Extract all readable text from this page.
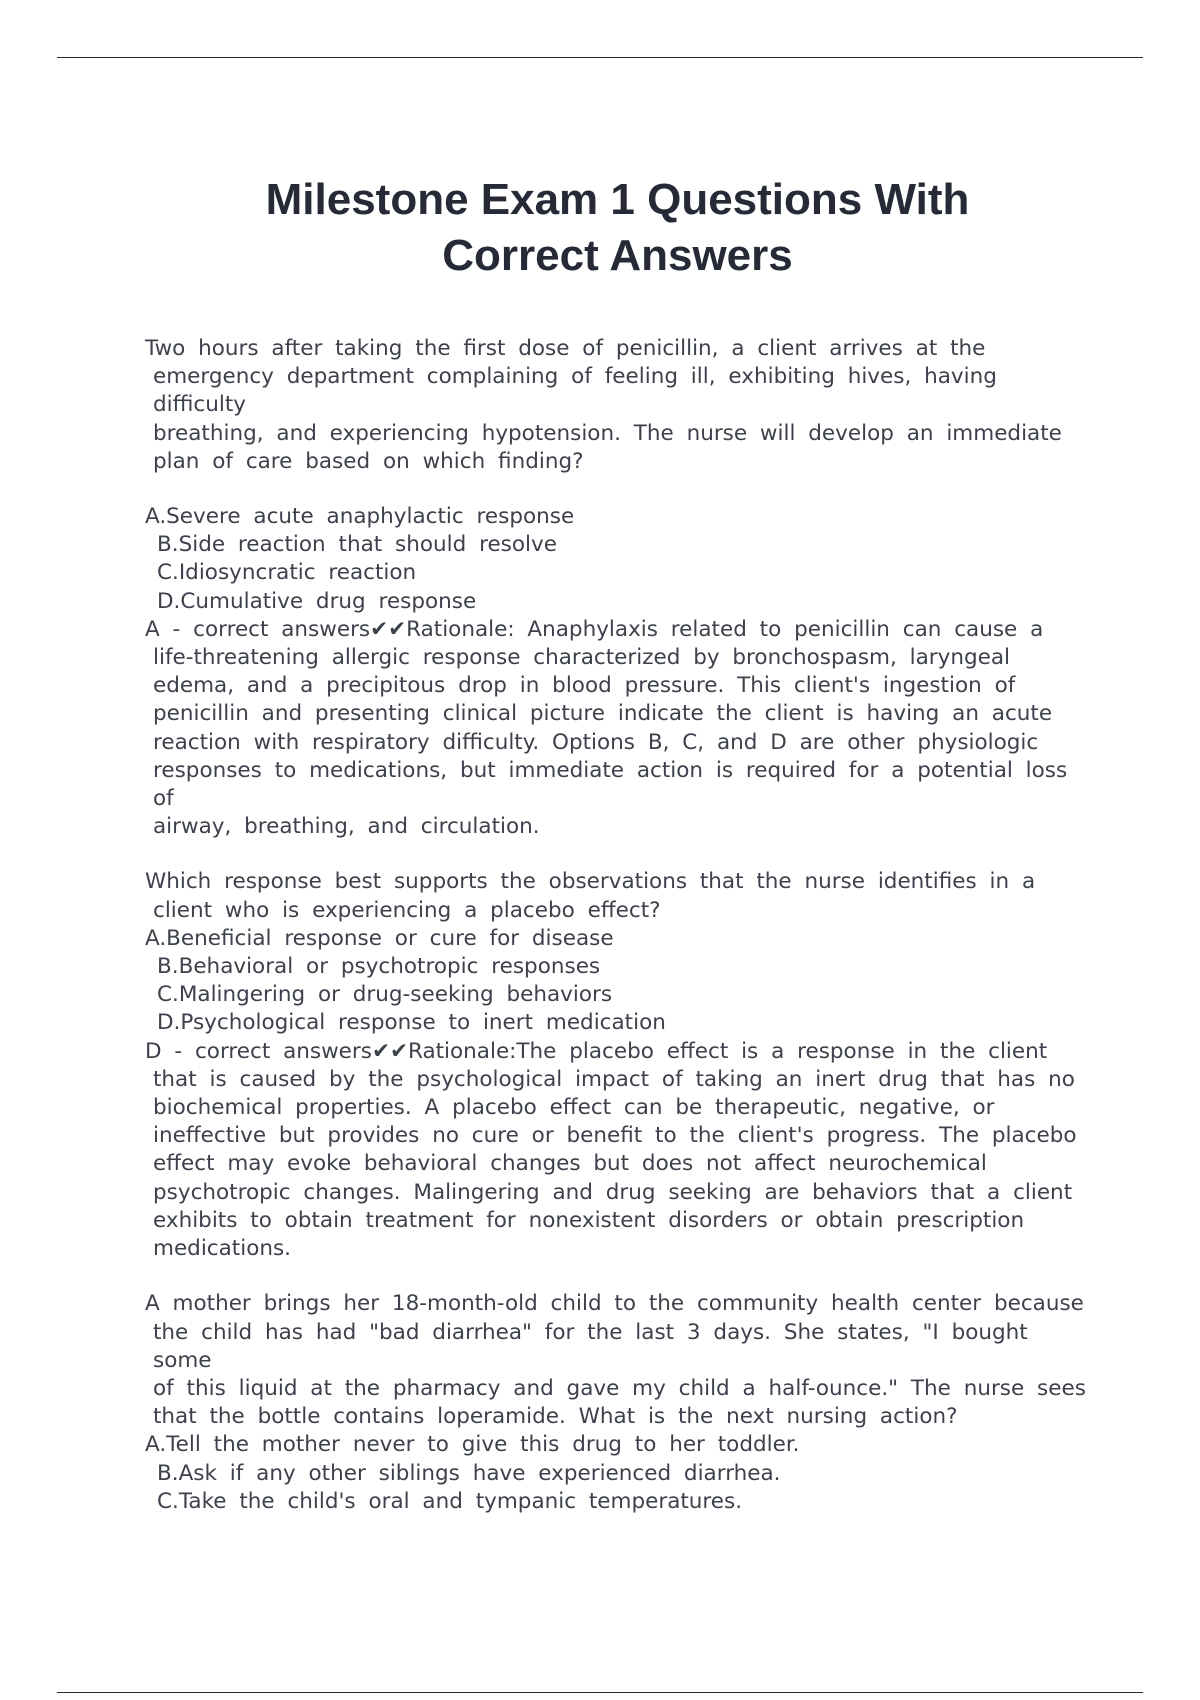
Milestone Exam 1 Questions With
Correct Answers

Two hours after taking the first dose of penicillin, a client arrives at the

emergency department complaining of feeling ill, exhibiting hives, having difficulty

breathing, and experiencing hypotension. The nurse will develop an immediate

plan of care based on which finding?

A.Severe acute anaphylactic response

B.Side reaction that should resolve

C.Idiosyncratic reaction

D.Cumulative drug response

A - correct answers✔✔Rationale: Anaphylaxis related to penicillin can cause a

life-threatening allergic response characterized by bronchospasm, laryngeal

edema, and a precipitous drop in blood pressure. This client's ingestion of

penicillin and presenting clinical picture indicate the client is having an acute

reaction with respiratory difficulty. Options B, C, and D are other physiologic

responses to medications, but immediate action is required for a potential loss of

airway, breathing, and circulation.

Which response best supports the observations that the nurse identifies in a

client who is experiencing a placebo effect?

A.Beneficial response or cure for disease

B.Behavioral or psychotropic responses

C.Malingering or drug-seeking behaviors

D.Psychological response to inert medication

D - correct answers✔✔Rationale:The placebo effect is a response in the client

that is caused by the psychological impact of taking an inert drug that has no

biochemical properties. A placebo effect can be therapeutic, negative, or

ineffective but provides no cure or benefit to the client's progress. The placebo

effect may evoke behavioral changes but does not affect neurochemical

psychotropic changes. Malingering and drug seeking are behaviors that a client

exhibits to obtain treatment for nonexistent disorders or obtain prescription

medications.

A mother brings her 18-month-old child to the community health center because

the child has had "bad diarrhea" for the last 3 days. She states, "I bought some

of this liquid at the pharmacy and gave my child a half-ounce." The nurse sees

that the bottle contains loperamide. What is the next nursing action?

A.Tell the mother never to give this drug to her toddler.

B.Ask if any other siblings have experienced diarrhea.

C.Take the child's oral and tympanic temperatures.
